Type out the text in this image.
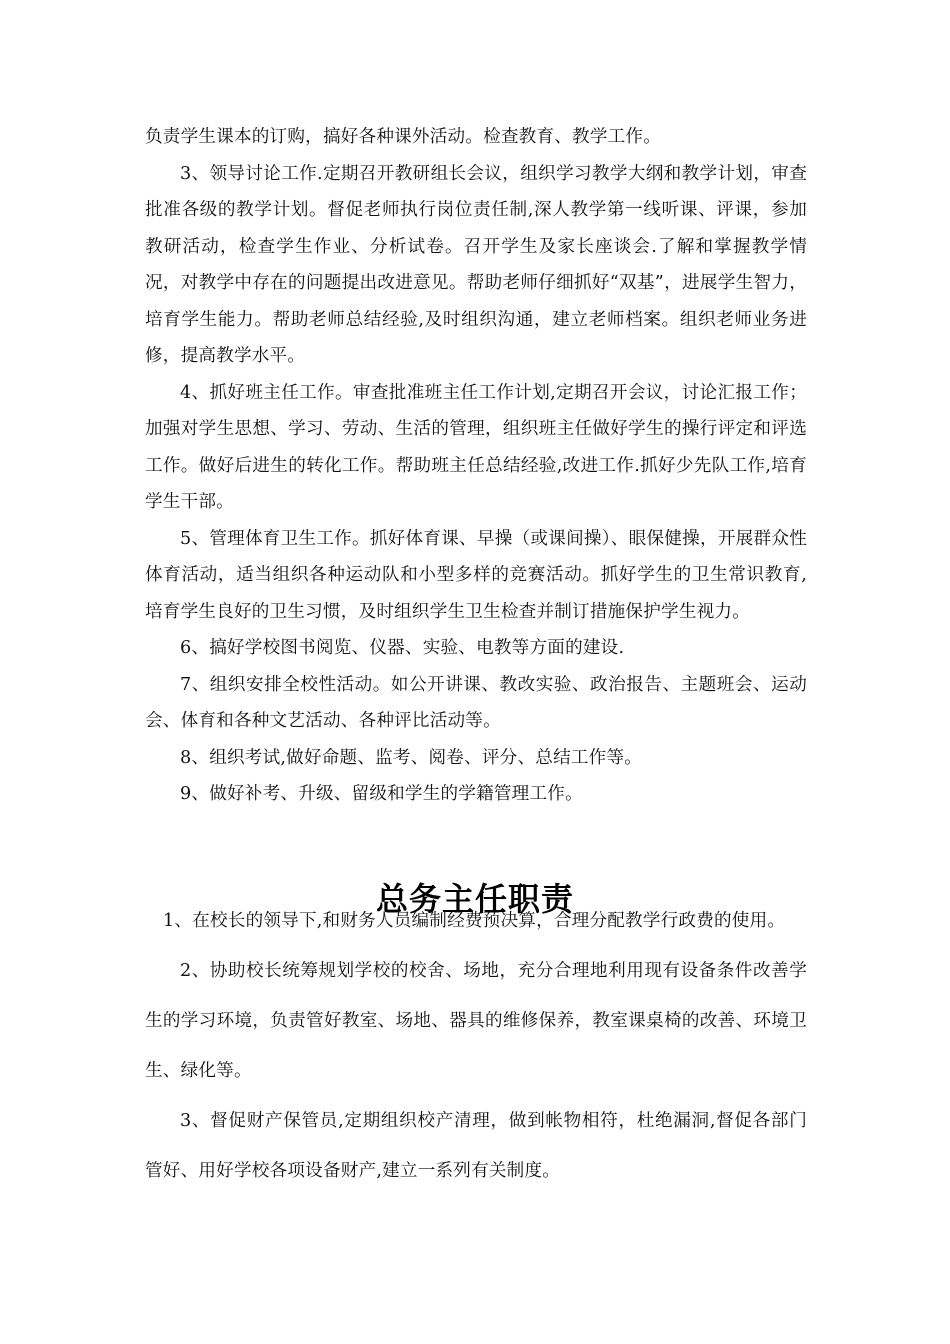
负责学生课本的订购，搞好各种课外活动。检查教育、教学工作。

3、领导讨论工作.定期召开教研组长会议，组织学习教学大纲和教学计划，审查批准各级的教学计划。督促老师执行岗位责任制,深人教学第一线听课、评课，参加教研活动，检查学生作业、分析试卷。召开学生及家长座谈会.了解和掌握教学情况，对教学中存在的问题提出改进意见。帮助老师仔细抓好“双基”，进展学生智力，培育学生能力。帮助老师总结经验,及时组织沟通，建立老师档案。组织老师业务进修，提高教学水平。

4、抓好班主任工作。审查批准班主任工作计划,定期召开会议，讨论汇报工作；加强对学生思想、学习、劳动、生活的管理，组织班主任做好学生的操行评定和评选工作。做好后进生的转化工作。帮助班主任总结经验,改进工作.抓好少先队工作,培育学生干部。

5、管理体育卫生工作。抓好体育课、早操（或课间操）、眼保健操，开展群众性体育活动，适当组织各种运动队和小型多样的竞赛活动。抓好学生的卫生常识教育,培育学生良好的卫生习惯，及时组织学生卫生检查并制订措施保护学生视力。

6、搞好学校图书阅览、仪器、实验、电教等方面的建设.

7、组织安排全校性活动。如公开讲课、教改实验、政治报告、主题班会、运动会、体育和各种文艺活动、各种评比活动等。

8、组织考试,做好命题、监考、阅卷、评分、总结工作等。

9、做好补考、升级、留级和学生的学籍管理工作。

总务主任职责

1、在校长的领导下,和财务人员编制经费预决算，合理分配教学行政费的使用。

2、协助校长统筹规划学校的校舍、场地，充分合理地利用现有设备条件改善学生的学习环境，负责管好教室、场地、器具的维修保养，教室课桌椅的改善、环境卫生、绿化等。

3、督促财产保管员,定期组织校产清理，做到帐物相符，杜绝漏洞,督促各部门管好、用好学校各项设备财产,建立一系列有关制度。
